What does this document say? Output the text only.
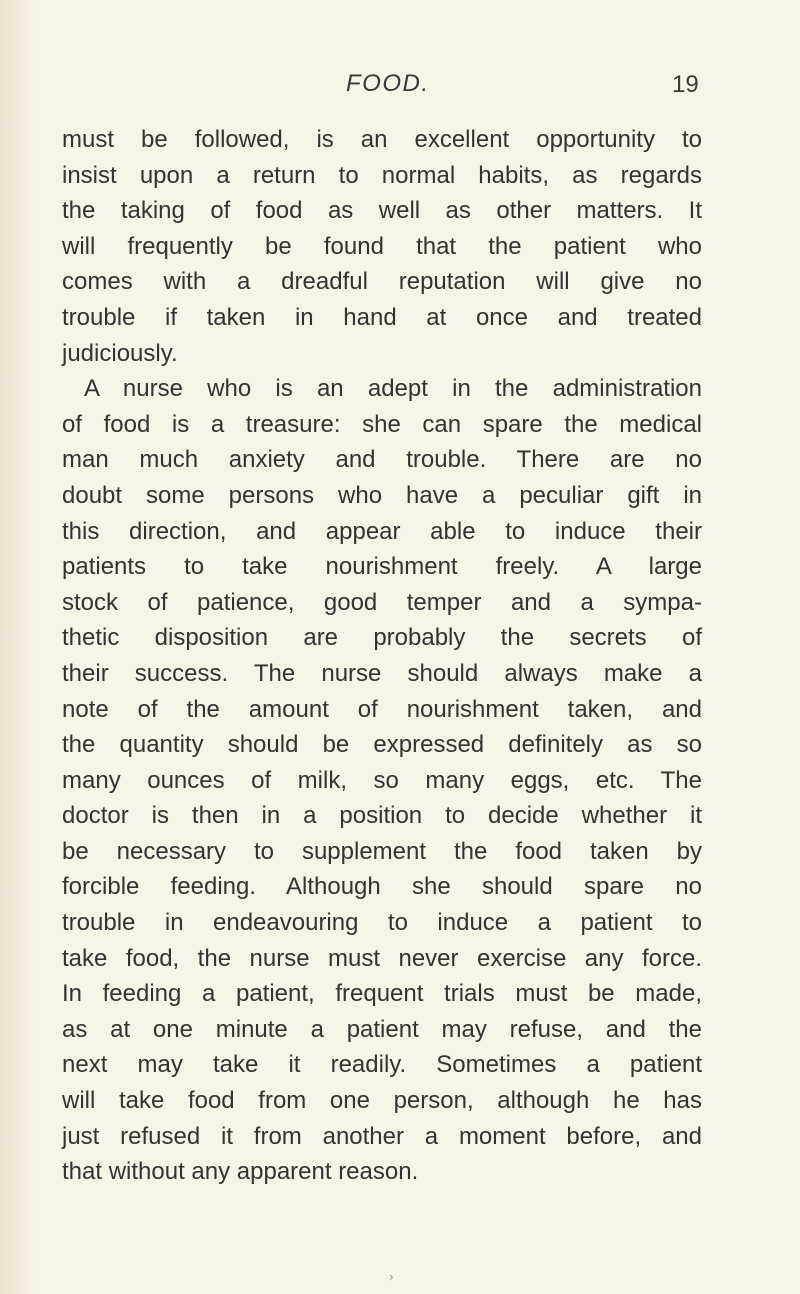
FOOD.	19
must be followed, is an excellent opportunity to
insist upon a return to normal habits, as regards
the taking of food as well as other matters. It
will frequently be found that the patient who
comes with a dreadful reputation will give no
trouble if taken in hand at once and treated
judiciously.
A nurse who is an adept in the administration
of food is a treasure: she can spare the medical
man much anxiety and trouble. There are no
doubt some persons who have a peculiar gift in
this direction, and appear able to induce their
patients to take nourishment freely. A large
stock of patience, good temper and a sympa-
thetic disposition are probably the secrets of
their success. The nurse should always make a
note of the amount of nourishment taken, and
the quantity should be expressed definitely as so
many ounces of milk, so many eggs, etc. The
doctor is then in a position to decide whether it
be necessary to supplement the food taken by
forcible feeding. Although she should spare no
trouble in endeavouring to induce a patient to
take food, the nurse must never exercise any force.
In feeding a patient, frequent trials must be made,
as at one minute a patient may refuse, and the
next may take it readily. Sometimes a patient
will take food from one person, although he has
just refused it from another a moment before, and
that without any apparent reason.
›
